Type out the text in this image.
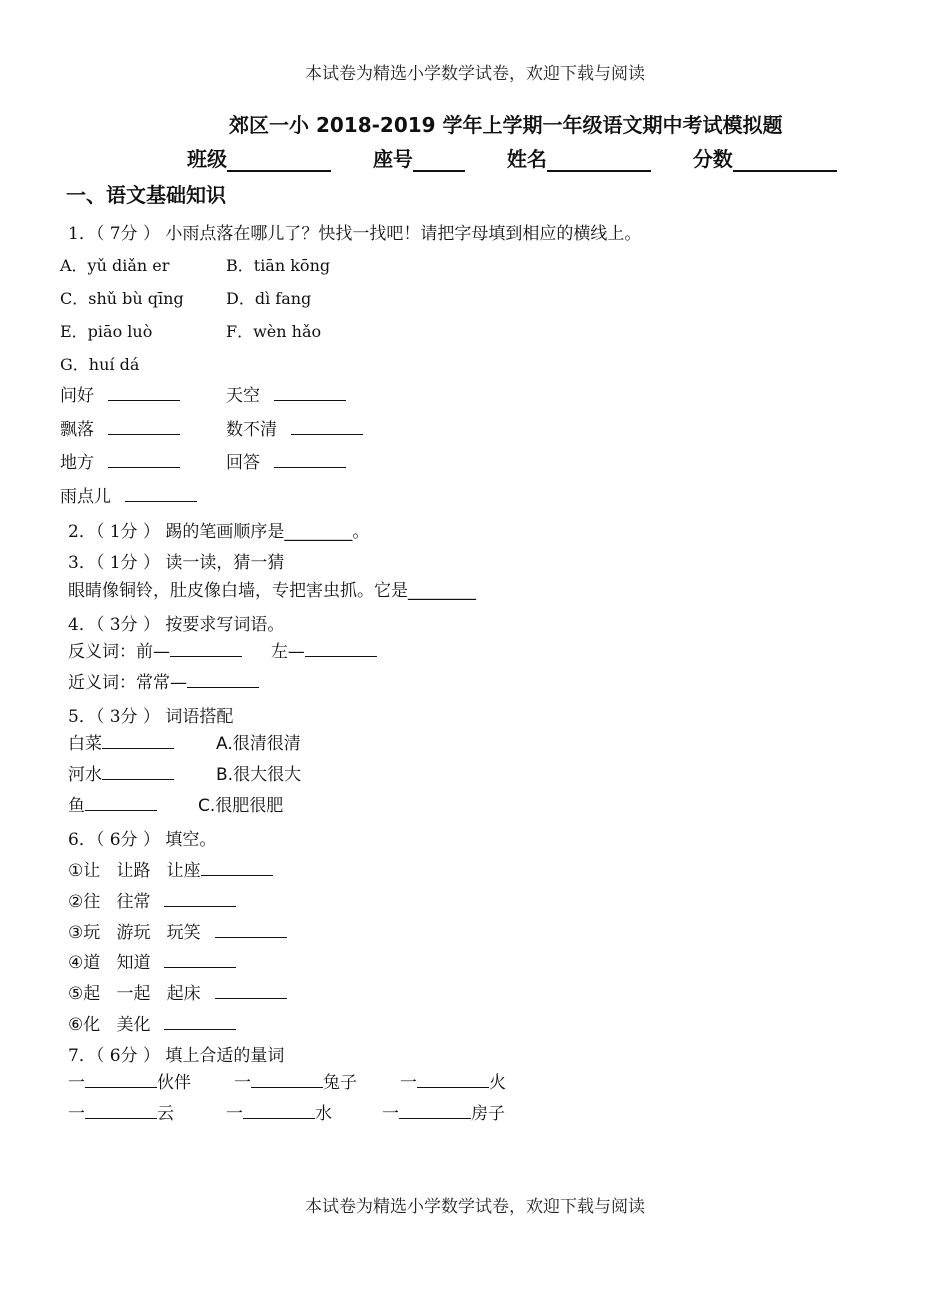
本试卷为精选小学数学试卷，欢迎下载与阅读
郊区一小 2018-2019 学年上学期一年级语文期中考试模拟题
班级	座号	姓名	分数
一、语文基础知识
1．（ 7分 ） 小雨点落在哪儿了？快找一找吧！请把字母填到相应的横线上。
A．yǔ diǎn er	B．tiān kōng
C．shǔ bù qīng	D．dì fang
E．piāo luò	F．wèn hǎo
G．huí dá
问好	天空
飘落	数不清
地方	回答
雨点儿
2．（ 1分 ） 踢的笔画顺序是________。
3．（ 1分 ） 读一读，猜一猜
眼睛像铜铃，肚皮像白墙，专把害虫抓。它是________
4．（ 3分 ） 按要求写词语。
反义词：前—	左—
近义词：常常—
5．（ 3分 ） 词语搭配
白菜	A.很清很清
河水	B.很大很大
鱼	C.很肥很肥
6．（ 6分 ） 填空。
①让   让路   让座
②往   往常
③玩   游玩   玩笑
④道   知道
⑤起   一起   起床
⑥化   美化
7．（ 6分 ） 填上合适的量词
一	伙伴	一	兔子	一	火
一	云	一	水	一	房子
本试卷为精选小学数学试卷，欢迎下载与阅读
